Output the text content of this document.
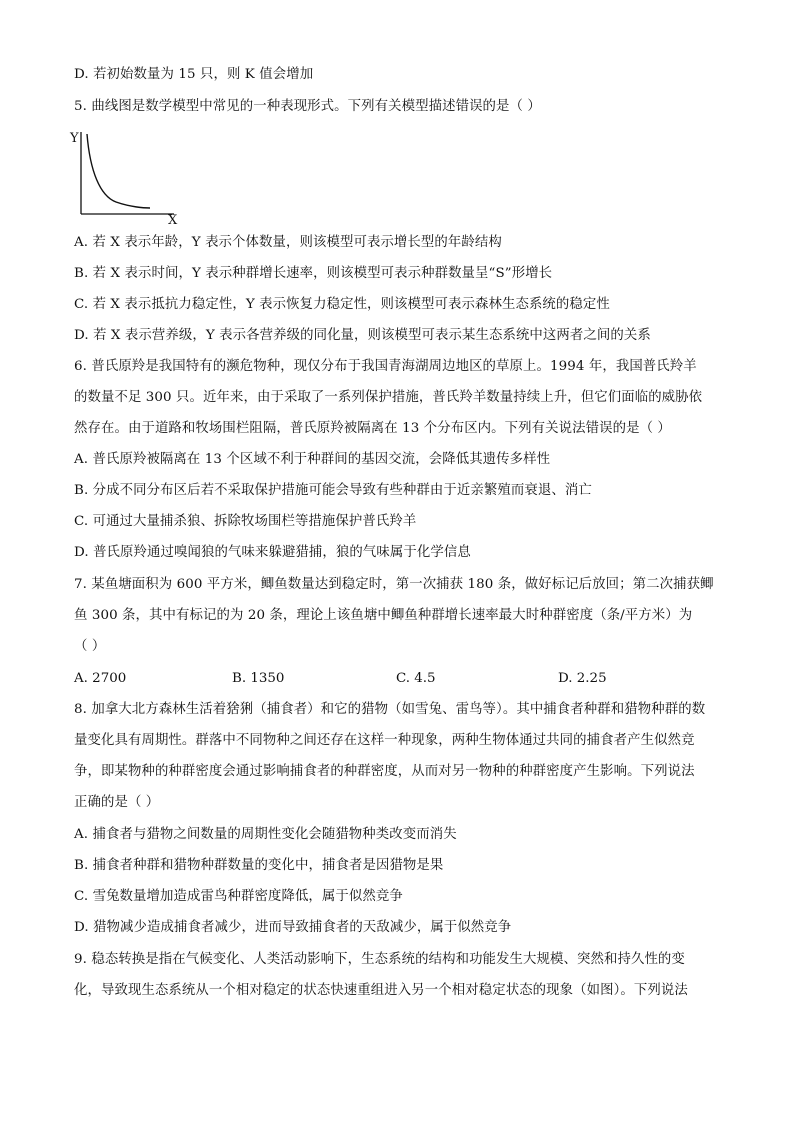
D. 若初始数量为 15 只，则 K 值会增加
5. 曲线图是数学模型中常见的一种表现形式。下列有关模型描述错误的是（ ）
Y
X
A. 若 X 表示年龄，Y 表示个体数量，则该模型可表示增长型的年龄结构
B. 若 X 表示时间，Y 表示种群增长速率，则该模型可表示种群数量呈“S”形增长
C. 若 X 表示抵抗力稳定性，Y 表示恢复力稳定性，则该模型可表示森林生态系统的稳定性
D. 若 X 表示营养级，Y 表示各营养级的同化量，则该模型可表示某生态系统中这两者之间的关系
6. 普氏原羚是我国特有的濒危物种，现仅分布于我国青海湖周边地区的草原上。1994 年，我国普氏羚羊
的数量不足 300 只。近年来，由于采取了一系列保护措施，普氏羚羊数量持续上升，但它们面临的威胁依
然存在。由于道路和牧场围栏阻隔，普氏原羚被隔离在 13 个分布区内。下列有关说法错误的是（ ）
A. 普氏原羚被隔离在 13 个区域不利于种群间的基因交流，会降低其遗传多样性
B. 分成不同分布区后若不采取保护措施可能会导致有些种群由于近亲繁殖而衰退、消亡
C. 可通过大量捕杀狼、拆除牧场围栏等措施保护普氏羚羊
D. 普氏原羚通过嗅闻狼的气味来躲避猎捕，狼的气味属于化学信息
7. 某鱼塘面积为 600 平方米，鲫鱼数量达到稳定时，第一次捕获 180 条，做好标记后放回；第二次捕获鲫
鱼 300 条，其中有标记的为 20 条，理论上该鱼塘中鲫鱼种群增长速率最大时种群密度（条/平方米）为
（ ）
A. 2700	B. 1350	C. 4.5	D. 2.25
8. 加拿大北方森林生活着猞猁（捕食者）和它的猎物（如雪兔、雷鸟等）。其中捕食者种群和猎物种群的数
量变化具有周期性。群落中不同物种之间还存在这样一种现象，两种生物体通过共同的捕食者产生似然竞
争，即某物种的种群密度会通过影响捕食者的种群密度，从而对另一物种的种群密度产生影响。下列说法
正确的是（ ）
A. 捕食者与猎物之间数量的周期性变化会随猎物种类改变而消失
B. 捕食者种群和猎物种群数量的变化中，捕食者是因猎物是果
C. 雪兔数量增加造成雷鸟种群密度降低，属于似然竞争
D. 猎物减少造成捕食者减少，进而导致捕食者的天敌减少，属于似然竞争
9. 稳态转换是指在气候变化、人类活动影响下，生态系统的结构和功能发生大规模、突然和持久性的变
化，导致现生态系统从一个相对稳定的状态快速重组进入另一个相对稳定状态的现象（如图）。下列说法
